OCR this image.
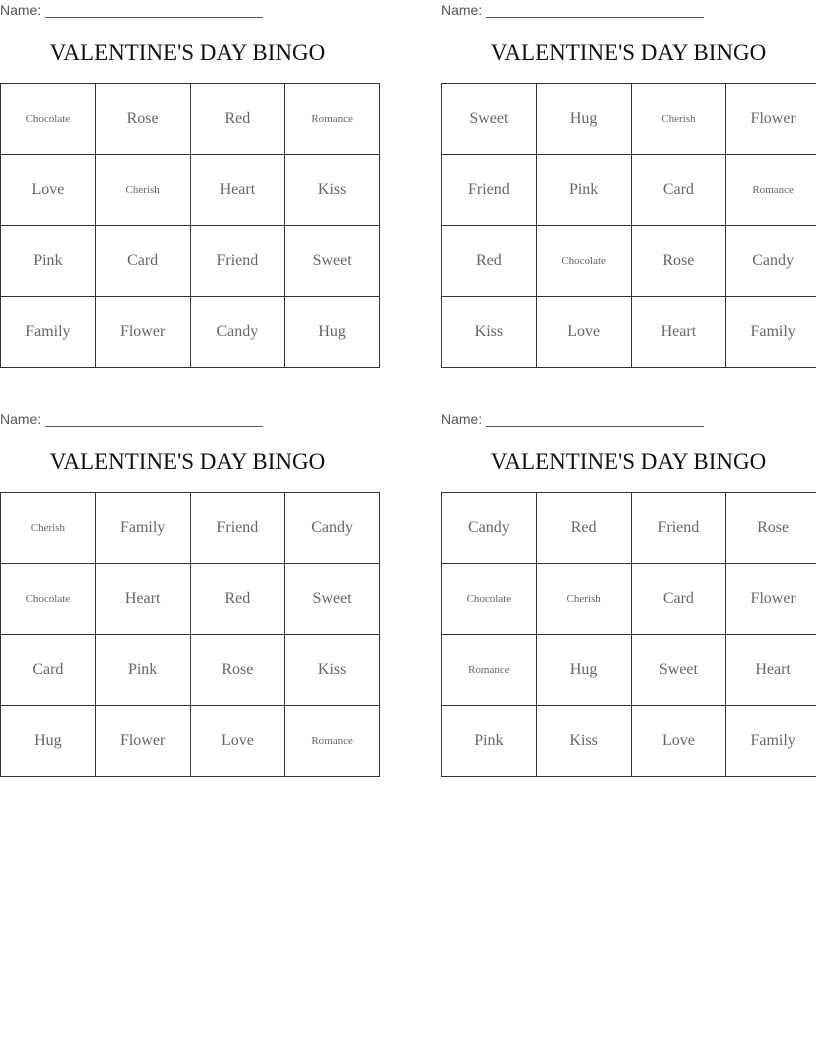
Name:
VALENTINE'S DAY BINGO
Chocolate	Rose	Red	Romance
Love	Cherish	Heart	Kiss
Pink	Card	Friend	Sweet
Family	Flower	Candy	Hug
Name:
VALENTINE'S DAY BINGO
Sweet	Hug	Cherish	Flower
Friend	Pink	Card	Romance
Red	Chocolate	Rose	Candy
Kiss	Love	Heart	Family
Name:
VALENTINE'S DAY BINGO
Cherish	Family	Friend	Candy
Chocolate	Heart	Red	Sweet
Card	Pink	Rose	Kiss
Hug	Flower	Love	Romance
Name:
VALENTINE'S DAY BINGO
Candy	Red	Friend	Rose
Chocolate	Cherish	Card	Flower
Romance	Hug	Sweet	Heart
Pink	Kiss	Love	Family
